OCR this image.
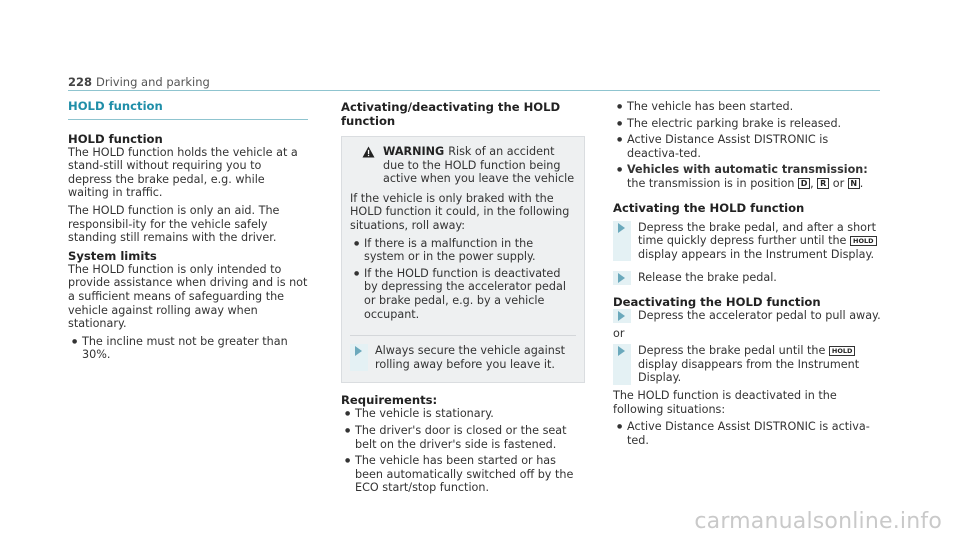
228 Driving and parking
HOLD function
HOLD function

The HOLD function holds the vehicle at a stand-still without requiring you to depress the brake pedal, e.g. while waiting in traffic.

The HOLD function is only an aid. The responsibil-ity for the vehicle safely standing still remains with the driver.

System limits

The HOLD function is only intended to provide assistance when driving and is not a sufficient means of safeguarding the vehicle against rolling away when stationary.

● The incline must not be greater than 30%.
Activating/deactivating the HOLD function
WARNING Risk of an accident due to the HOLD function being active when you leave the vehicle

If the vehicle is only braked with the HOLD function it could, in the following situations, roll away:

● If there is a malfunction in the system or in the power supply.
● If the HOLD function is deactivated by depressing the accelerator pedal or brake pedal, e.g. by a vehicle occupant.
Always secure the vehicle against rolling away before you leave it.
Requirements:
● The vehicle is stationary.
● The driver's door is closed or the seat belt on the driver's side is fastened.
● The vehicle has been started or has been automatically switched off by the ECO start/stop function.
● The vehicle has been started.
● The electric parking brake is released.
● Active Distance Assist DISTRONIC is deactiva-ted.
● Vehicles with automatic transmission: the transmission is in position D , R or N .
Activating the HOLD function
Depress the brake pedal, and after a short time quickly depress further until the HOLD display appears in the Instrument Display.
Release the brake pedal.
Deactivating the HOLD function
Depress the accelerator pedal to pull away.

or

Depress the brake pedal until the HOLD display disappears from the Instrument Display.

The HOLD function is deactivated in the following situations:

● Active Distance Assist DISTRONIC is activa-ted.
carmanualsonline.info
